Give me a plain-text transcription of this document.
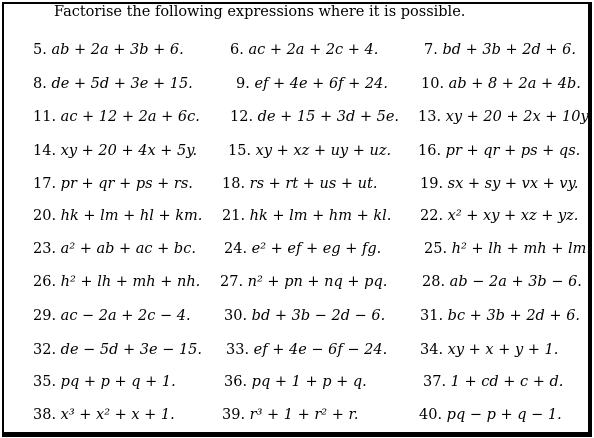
Factorise the following expressions where it is possible.
5. ab + 2a + 3b + 6.	6. ac + 2a + 2c + 4.	7. bd + 3b + 2d + 6.
8. de + 5d + 3e + 15.	9. ef + 4e + 6f + 24. 10. ab + 8 + 2a + 4b.
11. ac + 12 + 2a + 6c. 12. de + 15 + 3d + 5e. 13. xy + 20 + 2x + 10y.
14. xy + 20 + 4x + 5y. 15. xy + xz + uy + uz. 16. pr + qr + ps + qs.
17. pr + qr + ps + rs. 18. rs + rt + us + ut.	19. sx + sy + vx + vy.
20. hk + lm + hl + km. 21. hk + lm + hm + kl. 22. x² + xy + xz + yz.
23. a² + ab + ac + bc. 24. e² + ef + eg + fg.	25. h² + lh + mh + lm.
26. h² + lh + mh + nh. 27. n² + pn + nq + pq. 28. ab − 2a + 3b − 6.
29. ac − 2a + 2c − 4. 30. bd + 3b − 2d − 6. 31. bc + 3b + 2d + 6.
32. de − 5d + 3e − 15. 33. ef + 4e − 6f − 24. 34. xy + x + y + 1.
35. pq + p + q + 1.	36. pq + 1 + p + q.	37. 1 + cd + c + d.
38. x³ + x² + x + 1.	39. r³ + 1 + r² + r.	40. pq − p + q − 1.
